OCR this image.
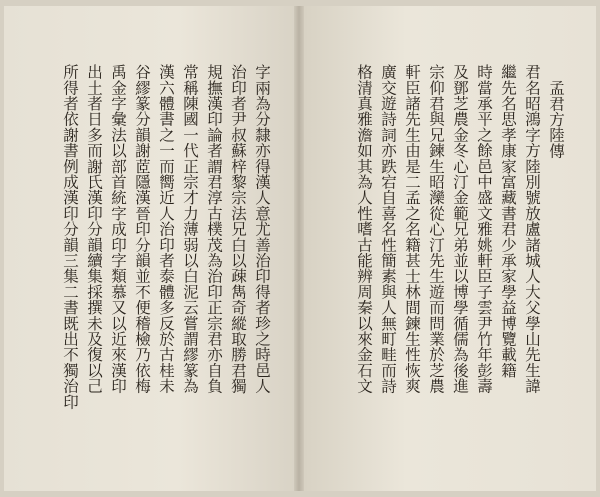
字兩為分隸亦得漢人意尤善治印得者珍之時邑人
治印者尹叔蘇梓黎宗法兄白以疎雋奇縱取勝君獨
規撫漢印論者謂君淳古樸茂為治印正宗君亦自負
常稱陳國一代正宗才力薄弱以白泥云嘗謂繆篆為
漢六體書之一而嚮近人治印者泰體多反於古桂未
谷繆篆分韻謝茝隱漢晉印分韻並不便稽檢乃依梅
禹金字彙法以部首統字成印字類慕又以近來漢印
出土者日多而謝氏漢印分韻續集採撰未及復以己
所得者依謝書例成漢印分韻三集二書既出不獨治印	孟君方陸傳
君名昭鴻字方陸別號放盧諸城人大父學山先生諱
繼先名思孝康家富藏書君少承家學益博覽載籍
時當承平之餘邑中盛文雅姚軒臣子雲尹竹年彭壽
及鄧芝農金冬心汀金範兄弟並以博學循儒為後進
宗仰君與兄鍊生昭灤從心汀先生遊而問業於芝農
軒臣諸先生由是二孟之名籍甚士林間鍊生性恢爽
廣交遊詩詞亦跌宕自喜名性簡素與人無町畦而詩
格清真雅澹如其為人性嗜古能辨周秦以來金石文
